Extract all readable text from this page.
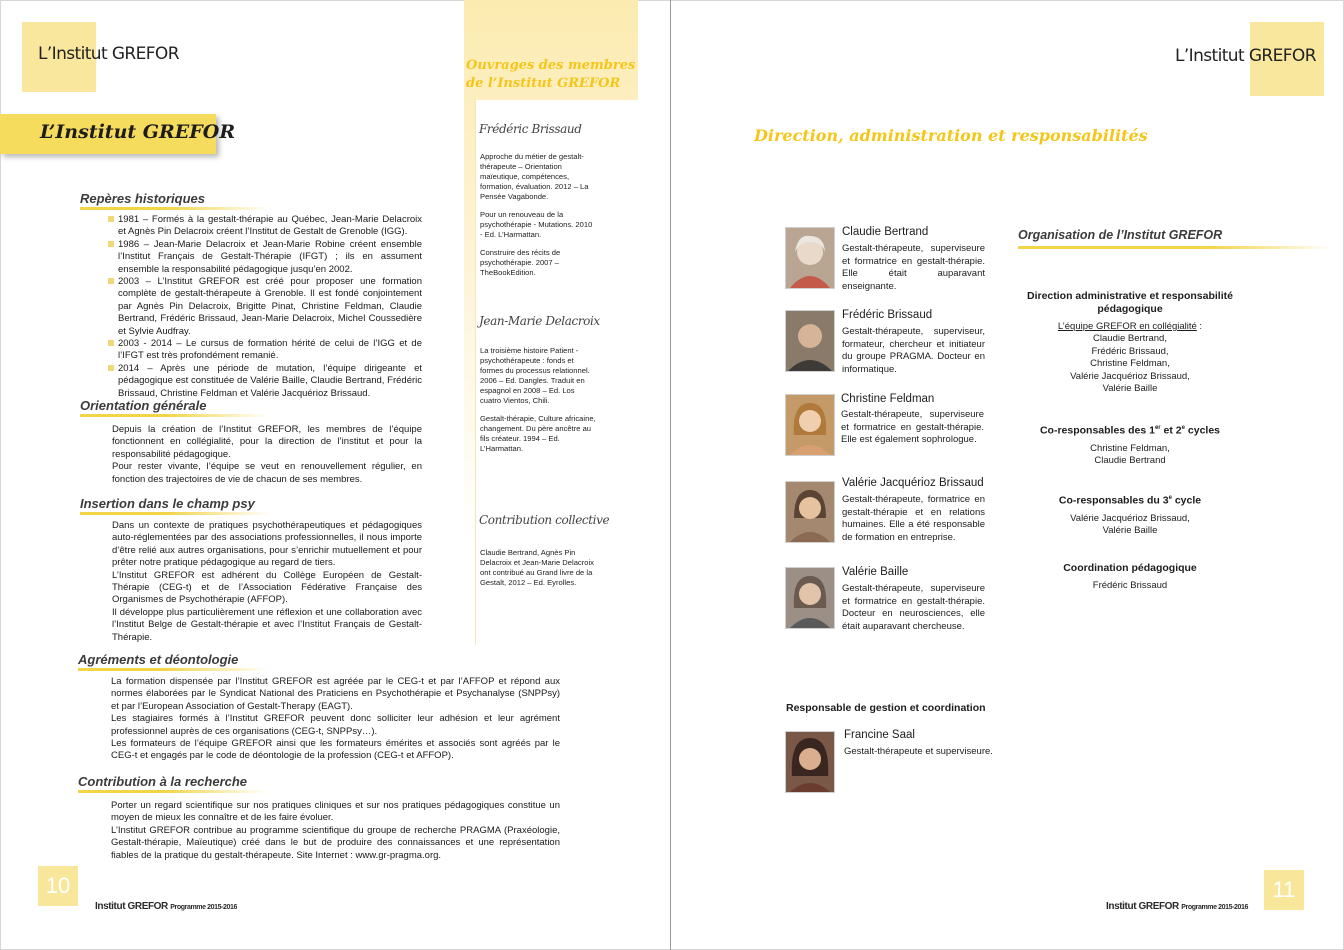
L’Institut GREFOR
L’Institut GREFOR
Repères historiques
1981 – Formés à la gestalt-thérapie au Québec, Jean-Marie Delacroix et Agnès Pin Delacroix créent l’Institut de Gestalt de Grenoble (IGG).
1986 – Jean-Marie Delacroix et Jean-Marie Robine créent ensemble l’Institut Français de Gestalt-Thérapie (IFGT) ; ils en assument ensemble la responsabilité pédagogique jusqu’en 2002.
2003 – L’Institut GREFOR est créé pour proposer une formation complète de gestalt-thérapeute à Grenoble. Il est fondé conjointement par Agnès Pin Delacroix, Brigitte Pinat, Christine Feldman, Claudie Bertrand, Frédéric Brissaud, Jean-Marie Delacroix, Michel Coussedière et Sylvie Audfray.
2003 - 2014 – Le cursus de formation hérité de celui de l’IGG et de l’IFGT est très profondément remanié.
2014 – Après une période de mutation, l’équipe dirigeante et pédagogique est constituée de Valérie Baille, Claudie Bertrand, Frédéric Brissaud, Christine Feldman et Valérie Jacquériоz Brissaud.
Orientation générale

Depuis la création de l’Institut GREFOR, les membres de l’équipe fonctionnent en collégialité, pour la direction de l’institut et pour la responsabilité pédagogique.

Pour rester vivante, l’équipe se veut en renouvellement régulier, en fonction des trajectoires de vie de chacun de ses membres.

Insertion dans le champ psy

Dans un contexte de pratiques psychothérapeutiques et pédagogiques auto-réglementées par des associations professionnelles, il nous importe d’être relié aux autres organisations, pour s’enrichir mutuellement et pour prêter notre pratique pédagogique au regard de tiers.

L’Institut GREFOR est adhérent du Collège Européen de Gestalt-Thérapie (CEG-t) et de l’Association Fédérative Française des Organismes de Psychothérapie (AFFOP).

Il développe plus particulièrement une réflexion et une collaboration avec l’Institut Belge de Gestalt-thérapie et avec l’Institut Français de Gestalt-Thérapie.

Agréments et déontologie

La formation dispensée par l’Institut GREFOR est agréée par le CEG-t et par l’AFFOP et répond aux normes élaborées par le Syndicat National des Praticiens en Psychothérapie et Psychanalyse (SNPPsy) et par l’European Association of Gestalt-Therapy (EAGT).

Les stagiaires formés à l’Institut GREFOR peuvent donc solliciter leur adhésion et leur agrément professionnel auprès de ces organisations (CEG-t, SNPPsy…).

Les formateurs de l’équipe GREFOR ainsi que les formateurs émérites et associés sont agréés par le CEG-t et engagés par le code de déontologie de la profession (CEG-t et AFFOP).

Contribution à la recherche

Porter un regard scientifique sur nos pratiques cliniques et sur nos pratiques pédagogiques constitue un moyen de mieux les connaître et de les faire évoluer.

L’Institut GREFOR contribue au programme scientifique du groupe de recherche PRAGMA (Praxéologie, Gestalt-thérapie, Maïeutique) créé dans le but de produire des connaissances et une représentation fiables de la pratique du gestalt-thérapeute. Site Internet : www.gr-pragma.org.

Ouvrages des membres
de l’Institut GREFOR
Frédéric Brissaud

Approche du métier de gestalt-thérapeute – Orientation maïeutique, compétences, formation, évaluation. 2012 – La Pensée Vagabonde.

Pour un renouveau de la psychothérapie - Mutations. 2010 - Ed. L’Harmattan.

Construire des récits de psychothérapie. 2007 – TheBookEdition.

Jean-Marie Delacroix

La troisième histoire Patient - psychothérapeute : fonds et formes du processus relationnel. 2006 – Ed. Dangles. Traduit en espagnol en 2008 – Ed. Los cuatro Vientos, Chili.

Gestalt-thérapie, Culture africaine, changement. Du père ancêtre au fils créateur. 1994 – Ed. L’Harmattan.

Contribution collective

Claudie Bertrand, Agnès Pin Delacroix et Jean-Marie Delacroix ont contribué au Grand livre de la Gestalt, 2012 – Ed. Eyrolles.

10
Institut GREFOR Programme 2015-2016
L’Institut GREFOR
Direction, administration et responsabilités
Claudie Bertrand
Gestalt-thérapeute, superviseure et formatrice en gestalt-thérapie. Elle était auparavant enseignante.
Frédéric Brissaud
Gestalt-thérapeute, superviseur, formateur, chercheur et initiateur du groupe PRAGMA. Docteur en informatique.
Christine Feldman
Gestalt-thérapeute, superviseure et formatrice en gestalt-thérapie. Elle est également sophrologue.
Valérie Jacquériоz Brissaud
Gestalt-thérapeute, formatrice en gestalt-thérapie et en relations humaines. Elle a été responsable de formation en entreprise.
Valérie Baille
Gestalt-thérapeute, superviseure et formatrice en gestalt-thérapie. Docteur en neurosciences, elle était auparavant chercheuse.
Responsable de gestion et coordination
Francine Saal
Gestalt-thérapeute et superviseure.
Organisation de l’Institut GREFOR
Direction administrative et responsabilité pédagogique
L’équipe GREFOR en collégialité :
Claudie Bertrand,
Frédéric Brissaud,
Christine Feldman,
Valérie Jacquériоz Brissaud,
Valérie Baille
Co-responsables des 1er et 2e cycles
Christine Feldman,
Claudie Bertrand
Co-responsables du 3e cycle
Valérie Jacquériоz Brissaud,
Valérie Baille
Coordination pédagogique
Frédéric Brissaud
11
Institut GREFOR Programme 2015-2016
